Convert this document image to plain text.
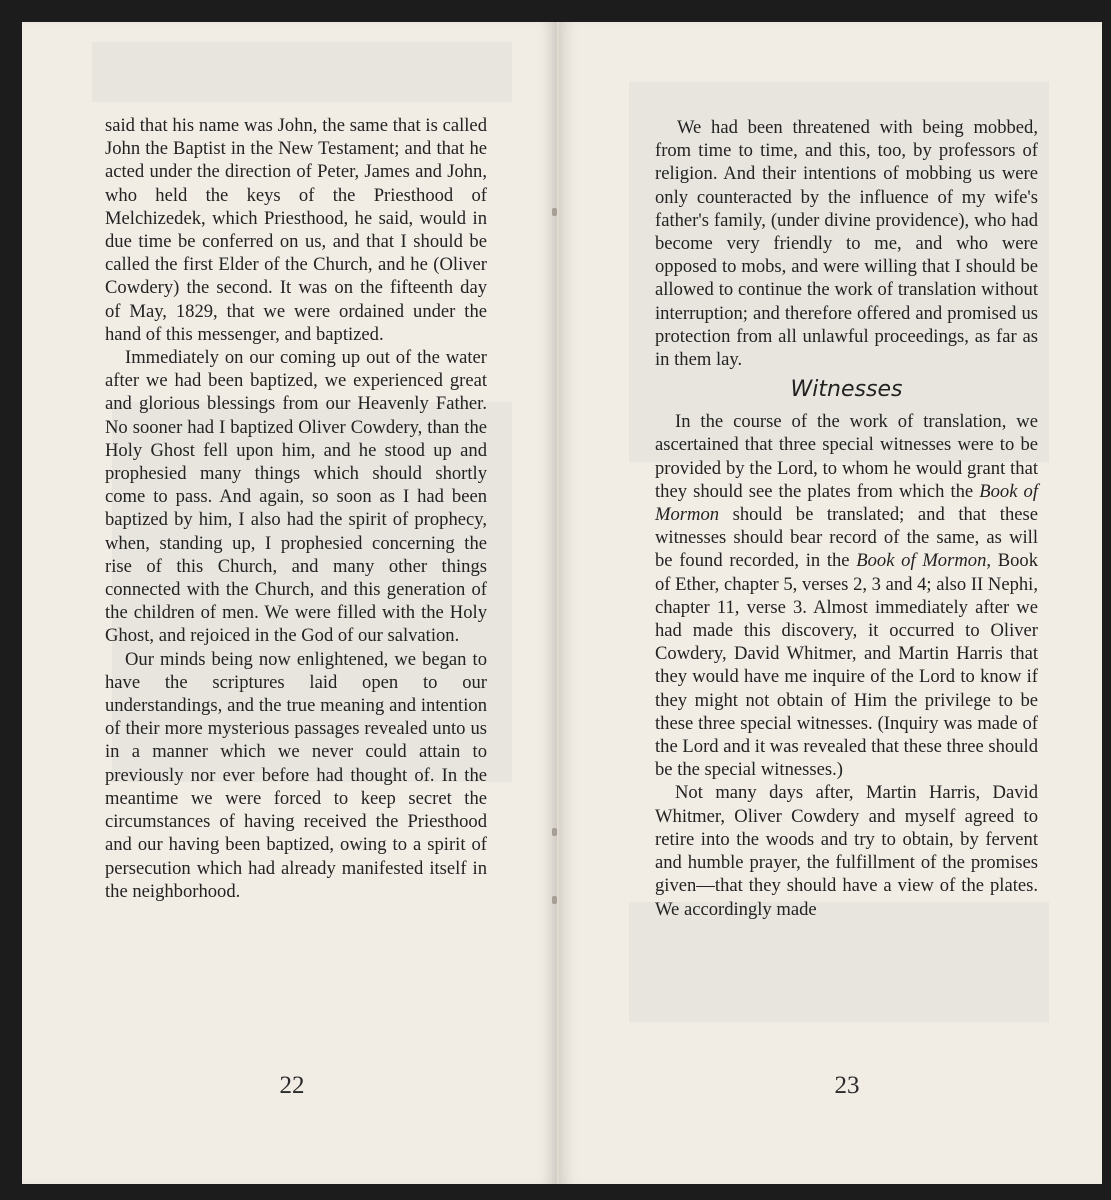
said that his name was John, the same that is called John the Baptist in the New Testament; and that he acted under the direction of Peter, James and John, who held the keys of the Priesthood of Melchizedek, which Priesthood, he said, would in due time be conferred on us, and that I should be called the first Elder of the Church, and he (Oliver Cowdery) the second. It was on the fifteenth day of May, 1829, that we were ordained under the hand of this messenger, and baptized.

Immediately on our coming up out of the water after we had been baptized, we experienced great and glorious blessings from our Heavenly Father. No sooner had I baptized Oliver Cowdery, than the Holy Ghost fell upon him, and he stood up and prophesied many things which should shortly come to pass. And again, so soon as I had been baptized by him, I also had the spirit of prophecy, when, standing up, I prophesied concerning the rise of this Church, and many other things connected with the Church, and this generation of the children of men. We were filled with the Holy Ghost, and rejoiced in the God of our salvation.

Our minds being now enlightened, we began to have the scriptures laid open to our understandings, and the true meaning and intention of their more mysterious passages revealed unto us in a manner which we never could attain to previously nor ever before had thought of. In the meantime we were forced to keep secret the circumstances of having received the Priesthood and our having been baptized, owing to a spirit of persecution which had already manifested itself in the neighborhood.

22

We had been threatened with being mobbed, from time to time, and this, too, by professors of religion. And their intentions of mobbing us were only counteracted by the influence of my wife's father's family, (under divine providence), who had become very friendly to me, and who were opposed to mobs, and were willing that I should be allowed to continue the work of translation without interruption; and therefore offered and promised us protection from all unlawful proceedings, as far as in them lay.

Witnesses

In the course of the work of translation, we ascertained that three special witnesses were to be provided by the Lord, to whom he would grant that they should see the plates from which the Book of Mormon should be translated; and that these witnesses should bear record of the same, as will be found recorded, in the Book of Mormon, Book of Ether, chapter 5, verses 2, 3 and 4; also II Nephi, chapter 11, verse 3. Almost immediately after we had made this discovery, it occurred to Oliver Cowdery, David Whitmer, and Martin Harris that they would have me inquire of the Lord to know if they might not obtain of Him the privilege to be these three special witnesses. (Inquiry was made of the Lord and it was revealed that these three should be the special witnesses.)

Not many days after, Martin Harris, David Whitmer, Oliver Cowdery and myself agreed to retire into the woods and try to obtain, by fervent and humble prayer, the fulfillment of the promises given—that they should have a view of the plates. We accordingly made

23
